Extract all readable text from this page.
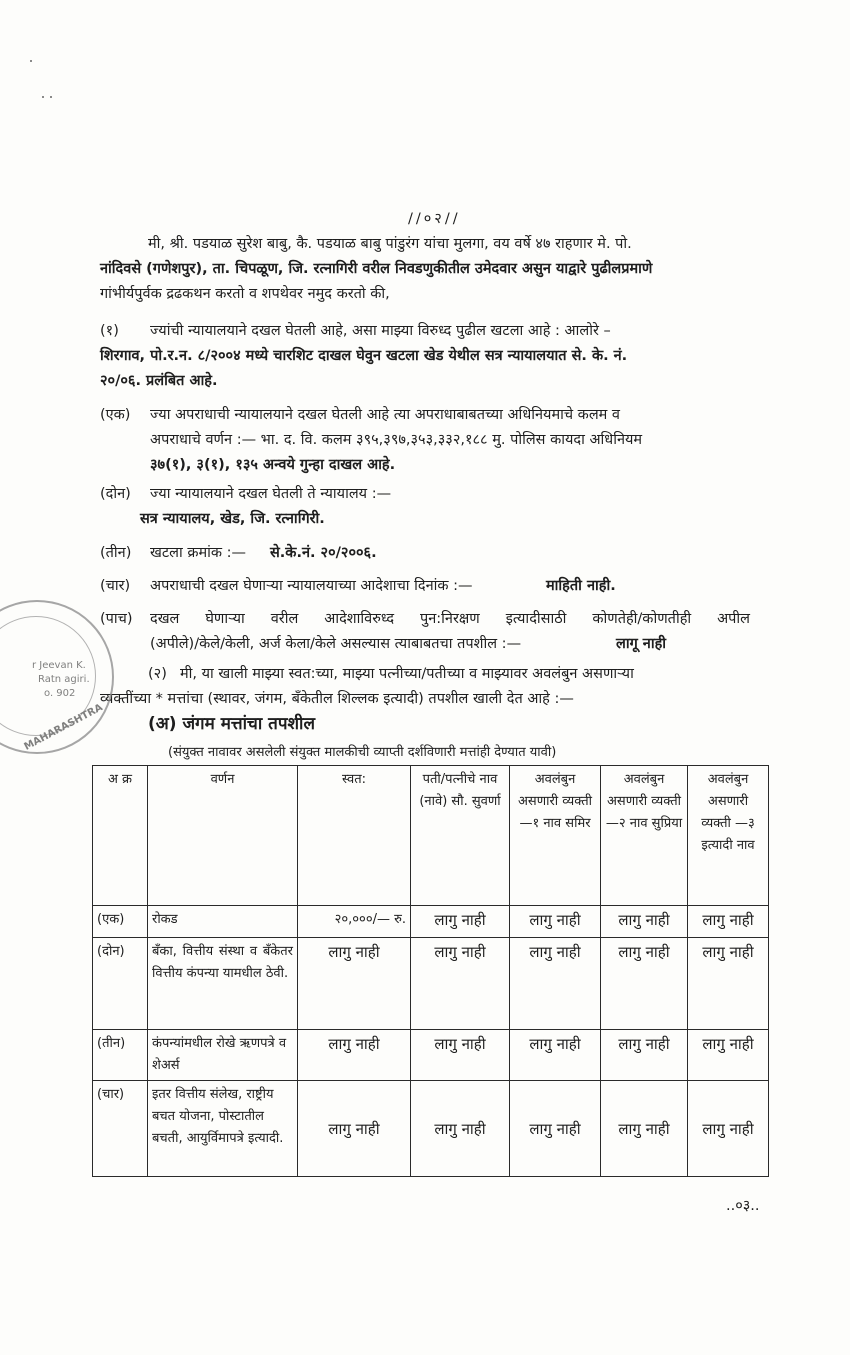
//०२//
मी, श्री. पडयाळ सुरेश बाबु, कै. पडयाळ बाबु पांडुरंग यांचा मुलगा, वय वर्षे ४७ राहणार मे. पो.
नांदिवसे (गणेशपुर), ता. चिपळूण, जि. रत्नागिरी वरील निवडणुकीतील उमेदवार असुन याद्वारे पुढीलप्रमाणे
गांभीर्यपुर्वक द्रढकथन करतो व शपथेवर नमुद करतो की,
(१) ज्यांची न्यायालयाने दखल घेतली आहे, असा माझ्या विरुध्द पुढील खटला आहे : आलोरे –
शिरगाव, पो.र.न. ८/२००४ मध्ये चारशिट दाखल घेवुन खटला खेड येथील सत्र न्यायालयात से. के. नं.
२०/०६. प्रलंबित आहे.
(एक) ज्या अपराधाची न्यायालयाने दखल घेतली आहे त्या अपराधाबाबतच्या अधिनियमाचे कलम व
अपराधाचे वर्णन :— भा. द. वि. कलम ३९५,३९७,३५३,३३२,१८८ मु. पोलिस कायदा अधिनियम
३७(१), ३(१), १३५ अन्वये गुन्हा दाखल आहे.
(दोन) ज्या न्यायालयाने दखल घेतली ते न्यायालय :—
सत्र न्यायालय, खेड, जि. रत्नागिरी.
(तीन) खटला क्रमांक :— से.के.नं. २०/२००६.
(चार) अपराधाची दखल घेणाऱ्या न्यायालयाच्या आदेशाचा दिनांक :—	माहिती नाही.
(पाच) दखल घेणाऱ्या वरील आदेशाविरुध्द पुन:निरक्षण इत्यादीसाठी कोणतेही/कोणतीही अपील
(अपीले)/केले/केली, अर्ज केला/केले असल्यास त्याबाबतचा तपशील :—	लागू नाही
(२) मी, या खाली माझ्या स्वत:च्या, माझ्या पत्नीच्या/पतीच्या व माझ्यावर अवलंबुन असणाऱ्या
व्यक्तींच्या * मत्तांचा (स्थावर, जंगम, बॅंकेतील शिल्लक इत्यादी) तपशील खाली देत आहे :—
(अ) जंगम मत्तांचा तपशील
(संयुक्त नावावर असलेली संयुक्त मालकीची व्याप्ती दर्शविणारी मत्तांही देण्यात यावी)
r Jeevan K.
Ratn agiri.
o. 902
MAHARASHTRA
अ क्र	वर्णन	स्वत:	पती/पत्नीचे नाव (नावे) सौ. सुवर्णा	अवलंबुन असणारी व्यक्ती —१ नाव समिर	अवलंबुन असणारी व्यक्ती —२ नाव सुप्रिया	अवलंबुन असणारी व्यक्ती —३ इत्यादी नाव
(एक)	रोकड	२०,०००/— रु.	लागु नाही	लागु नाही	लागु नाही	लागु नाही
(दोन)	बॅंका, वित्तीय संस्था व बॅंकेतर वित्तीय कंपन्या यामधील ठेवी.	लागु नाही	लागु नाही	लागु नाही	लागु नाही	लागु नाही
(तीन)	कंपन्यांमधील रोखे ऋणपत्रे व शेअर्स	लागु नाही	लागु नाही	लागु नाही	लागु नाही	लागु नाही
(चार)	इतर वित्तीय संलेख, राष्ट्रीय बचत योजना, पोस्टातील बचती, आयुर्विमापत्रे इत्यादी.	लागु नाही	लागु नाही	लागु नाही	लागु नाही	लागु नाही
..०३..
